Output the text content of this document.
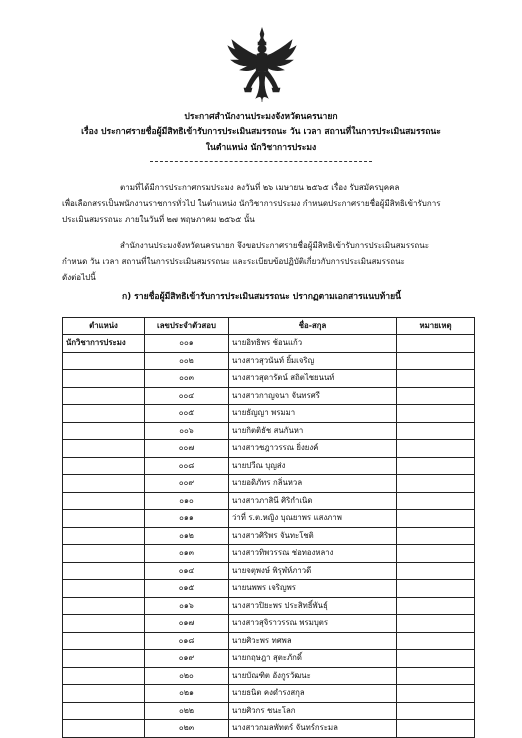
ประกาศสำนักงานประมงจังหวัดนครนายก
เรื่อง ประกาศรายชื่อผู้มีสิทธิเข้ารับการประเมินสมรรถนะ วัน เวลา สถานที่ในการประเมินสมรรถนะ
ในตำแหน่ง นักวิชาการประมง
ตามที่ได้มีการประกาศกรมประมง ลงวันที่ ๒๖ เมษายน ๒๕๖๕ เรื่อง รับสมัครบุคคล
เพื่อเลือกสรรเป็นพนักงานราชการทั่วไป ในตำแหน่ง นักวิชาการประมง กำหนดประกาศรายชื่อผู้มีสิทธิเข้ารับการ
ประเมินสมรรถนะ ภายในวันที่ ๒๗ พฤษภาคม ๒๕๖๕ นั้น
สำนักงานประมงจังหวัดนครนายก จึงขอประกาศรายชื่อผู้มีสิทธิเข้ารับการประเมินสมรรถนะ
กำหนด วัน เวลา สถานที่ในการประเมินสมรรถนะ และระเบียบข้อปฏิบัติเกี่ยวกับการประเมินสมรรถนะ
ดังต่อไปนี้
ก) รายชื่อผู้มีสิทธิเข้ารับการประเมินสมรรถนะ ปรากฏตามเอกสารแนบท้ายนี้
ตำแหน่ง	เลขประจำตัวสอบ	ชื่อ-สกุล	หมายเหตุ
นักวิชาการประมง	๐๐๑	นายอิทธิพร ช้อนแก้ว	
	๐๐๒	นางสาวสุวนันท์ ยิ้มเจริญ	
	๐๐๓	นางสาวสุดารัตน์ สถิตไชยนนท์	
	๐๐๔	นางสาวกาญจนา จันทรศรี	
	๐๐๕	นายธัญญา พรมมา	
	๐๐๖	นายกิตติธัช สนกันหา	
	๐๐๗	นางสาวชฎาวรรณ ยิ่งยงค์	
	๐๐๘	นายปวีณ บุญส่ง	
	๐๐๙	นายอดิภัทร กลิ่นหวล	
	๐๑๐	นางสาวภาสินี ศิริกำเนิด	
	๐๑๑	ว่าที่ ร.ต.หญิง บุณยาพร แสงภาพ	
	๐๑๒	นางสาวศิริพร จันทะโชติ	
	๐๑๓	นางสาวทิพวรรณ ช่อทองหลาง	
	๐๑๔	นายจตุพงษ์ พิรุฬห์ภาวดี	
	๐๑๕	นายนพพร เจริญพร	
	๐๑๖	นางสาวปิยะพร ประสิทธิ์พันธุ์	
	๐๑๗	นางสาวสุจิราวรรณ พรมบุตร	
	๐๑๘	นายศิวะพร ทศพล	
	๐๑๙	นายกฤษฎา สุตะภักดิ์	
	๐๒๐	นายบัณฑิต อังกูรวัฒนะ	
	๐๒๑	นายธนิต คงดำรงสกุล	
	๐๒๒	นายศิวกร ชนะโลก	
	๐๒๓	นางสาวกมลพัทตร์ จันทร์กระมล	
